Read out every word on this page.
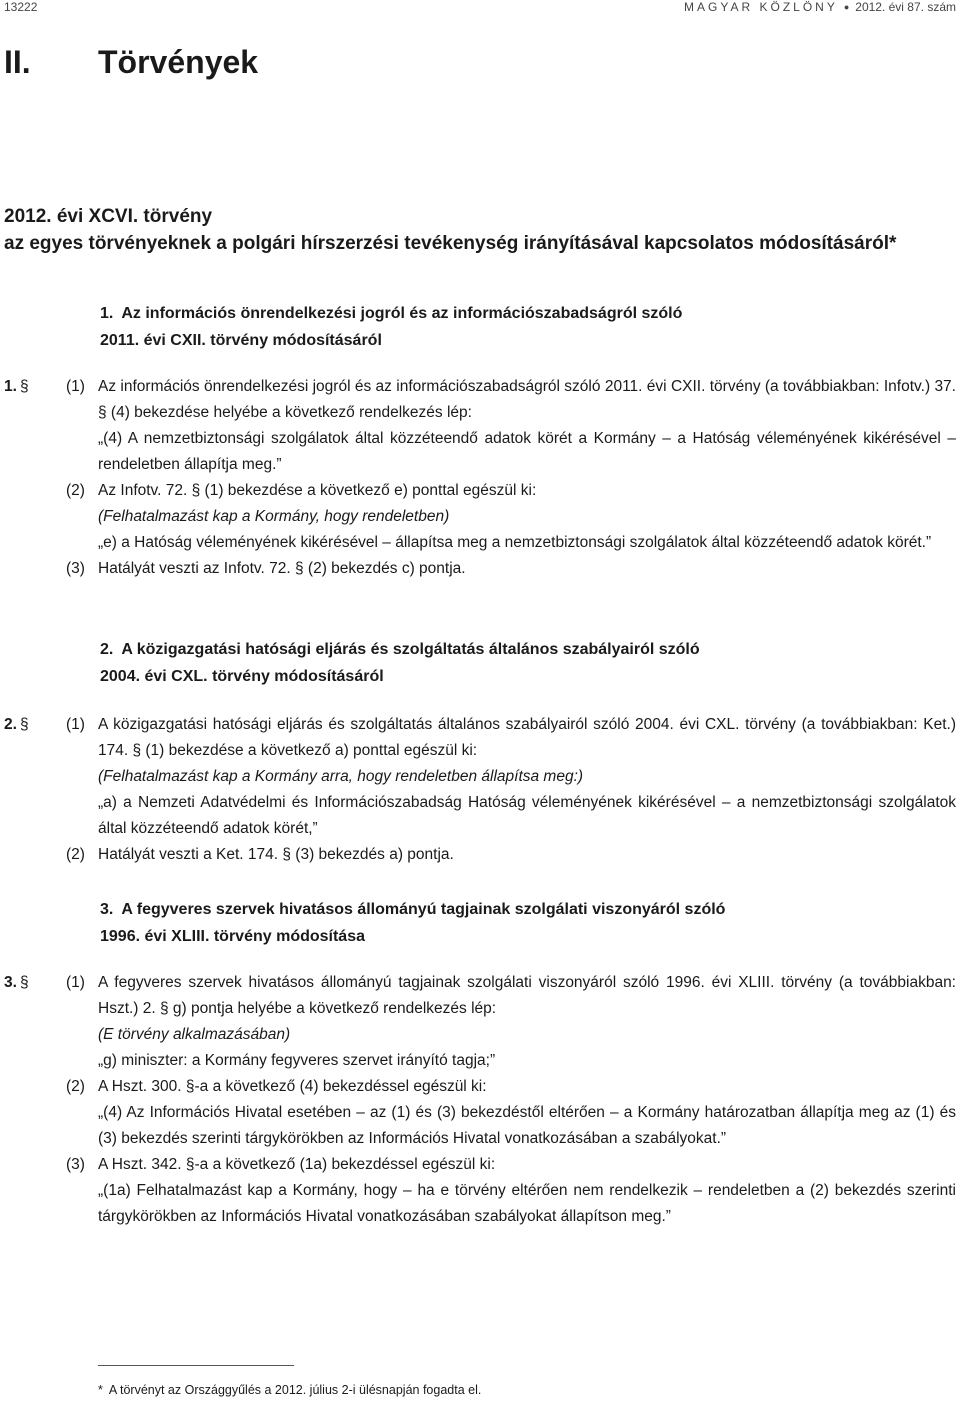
13222	MAGYAR KÖZLÖNY ● 2012. évi 87. szám
II. Törvények
2012. évi XCVI. törvény
az egyes törvényeknek a polgári hírszerzési tevékenység irányításával kapcsolatos módosításáról*
1. Az információs önrendelkezési jogról és az információszabadságról szóló
2011. évi CXII. törvény módosításáról
1. § (1) Az információs önrendelkezési jogról és az információszabadságról szóló 2011. évi CXII. törvény (a továbbiakban: Infotv.) 37. § (4) bekezdése helyébe a következő rendelkezés lép:
„(4) A nemzetbiztonsági szolgálatok által közzéteendő adatok körét a Kormány – a Hatóság véleményének kikérésével – rendeletben állapítja meg.”
(2) Az Infotv. 72. § (1) bekezdése a következő e) ponttal egészül ki:
(Felhatalmazást kap a Kormány, hogy rendeletben)
„e) a Hatóság véleményének kikérésével – állapítsa meg a nemzetbiztonsági szolgálatok által közzéteendő adatok körét.”
(3) Hatályát veszti az Infotv. 72. § (2) bekezdés c) pontja.
2. A közigazgatási hatósági eljárás és szolgáltatás általános szabályairól szóló
2004. évi CXL. törvény módosításáról
2. § (1) A közigazgatási hatósági eljárás és szolgáltatás általános szabályairól szóló 2004. évi CXL. törvény (a továbbiakban: Ket.) 174. § (1) bekezdése a következő a) ponttal egészül ki:
(Felhatalmazást kap a Kormány arra, hogy rendeletben állapítsa meg:)
„a) a Nemzeti Adatvédelmi és Információszabadság Hatóság véleményének kikérésével – a nemzetbiztonsági szolgálatok által közzéteendő adatok körét,”
(2) Hatályát veszti a Ket. 174. § (3) bekezdés a) pontja.
3. A fegyveres szervek hivatásos állományú tagjainak szolgálati viszonyáról szóló
1996. évi XLIII. törvény módosítása
3. § (1) A fegyveres szervek hivatásos állományú tagjainak szolgálati viszonyáról szóló 1996. évi XLIII. törvény (a továbbiakban: Hszt.) 2. § g) pontja helyébe a következő rendelkezés lép:
(E törvény alkalmazásában)
„g) miniszter: a Kormány fegyveres szervet irányító tagja;”
(2) A Hszt. 300. §-a a következő (4) bekezdéssel egészül ki:
„(4) Az Információs Hivatal esetében – az (1) és (3) bekezdéstől eltérően – a Kormány határozatban állapítja meg az (1) és (3) bekezdés szerinti tárgykörökben az Információs Hivatal vonatkozásában a szabályokat.”
(3) A Hszt. 342. §-a a következő (1a) bekezdéssel egészül ki:
„(1a) Felhatalmazást kap a Kormány, hogy – ha e törvény eltérően nem rendelkezik – rendeletben a (2) bekezdés szerinti tárgykörökben az Információs Hivatal vonatkozásában szabályokat állapítson meg.”
* A törvényt az Országgyűlés a 2012. július 2-i ülésnapján fogadta el.
